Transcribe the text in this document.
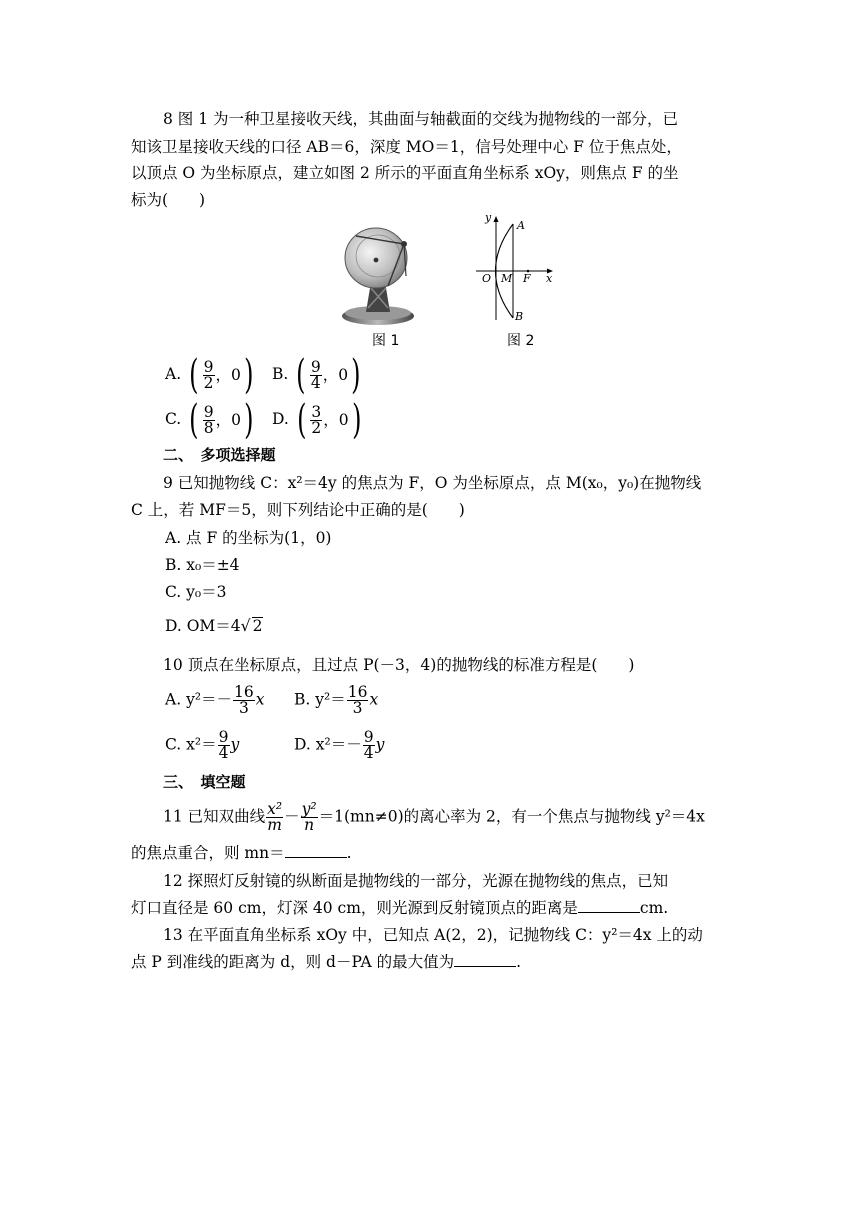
8 图 1 为一种卫星接收天线，其曲面与轴截面的交线为抛物线的一部分，已
知该卫星接收天线的口径 AB＝6，深度 MO＝1，信号处理中心 F 位于焦点处，
以顶点 O 为坐标原点，建立如图 2 所示的平面直角坐标系 xOy，则焦点 F 的坐
标为(　　)
图 1
y
A
B
O M F x
图 2
A. ( $\frac{9}{2}$ ，0 ) B. ( $\frac{9}{4}$ ，0 )
C. ( $\frac{9}{8}$ ，0 ) D. ( $\frac{3}{2}$ ，0 )
二、　多项选择题
9 已知抛物线 C：x²＝4y 的焦点为 F，O 为坐标原点，点 M(x₀，y₀)在抛物线
C 上，若 MF＝5，则下列结论中正确的是(　　)
A. 点 F 的坐标为(1，0)
B. x₀＝±4
C. y₀＝3
D. OM＝4√ 2
10 顶点在坐标原点，且过点 P(－3，4)的抛物线的标准方程是(　　)
A. $y^2=- \frac{16}{3}$ x B. $y^2= \frac{16}{3}$ x
C. $x^2= \frac{9}{4}$ y	D. $x^2=- \frac{9}{4}$ y
三、　填空题
11 已知双曲线 $\frac{\text{x²}}{m} - \frac{\text{y²}}{n} =1(mn\ne 0)$的离心率为 2，有一个焦点与抛物线 y²＝4x
的焦点重合，则 mn＝	.
12 探照灯反射镜的纵断面是抛物线的一部分，光源在抛物线的焦点，已知
灯口直径是 60 cm，灯深 40 cm，则光源到反射镜顶点的距离是	cm.
13 在平面直角坐标系 xOy 中，已知点 A(2，2)，记抛物线 C：y²＝4x 上的动
点 P 到准线的距离为 d，则 d－PA 的最大值为	.
